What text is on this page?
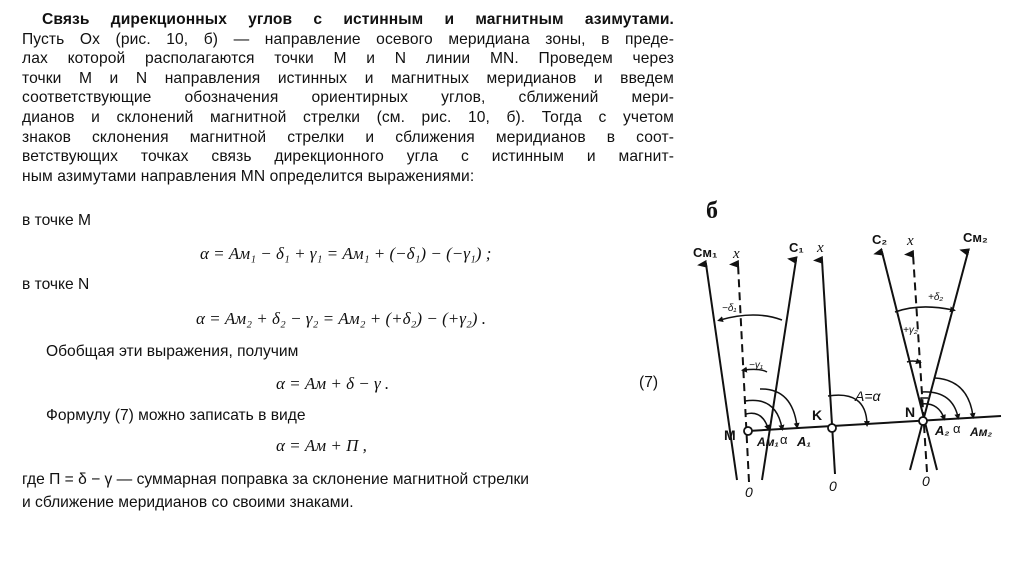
Связь дирекционных углов с истинным и магнитным азимутами.
Пусть Ox (рис. 10, б) — направление осевого меридиана зоны, в преде-
лах которой располагаются точки M и N линии MN. Проведем через
точки M и N направления истинных и магнитных меридианов и введем
соответствующие обозначения ориентирных углов, сближений мери-
дианов и склонений магнитной стрелки (см. рис. 10, б). Тогда с учетом
знаков склонения магнитной стрелки и сближения меридианов в соот-
ветствующих точках связь дирекционного угла с истинным и магнит-
ным азимутами направления MN определится выражениями:
в точке M
α = Aм₁ − δ₁ + γ₁ = Aм₁ + (−δ₁) − (−γ₁) ;
в точке N
α = Aм₂ + δ₂ − γ₂ = Aм₂ + (+δ₂) − (+γ₂) .
Обобщая эти выражения, получим
α = Aм + δ − γ .	(7)
Формулу (7) можно записать в виде
α = Aм + П ,
где П = δ − γ — суммарная поправка за склонение магнитной стрелки
и сближение меридианов со своими знаками.
б
Cм₁ x	C₁ x
C₂ x	Cм₂
−δ₁
−γ₁
+δ₂
+γ₂
A=α
M
K	N
Aм₁ α A₁
A₂ α Aм₂
0	0	0
